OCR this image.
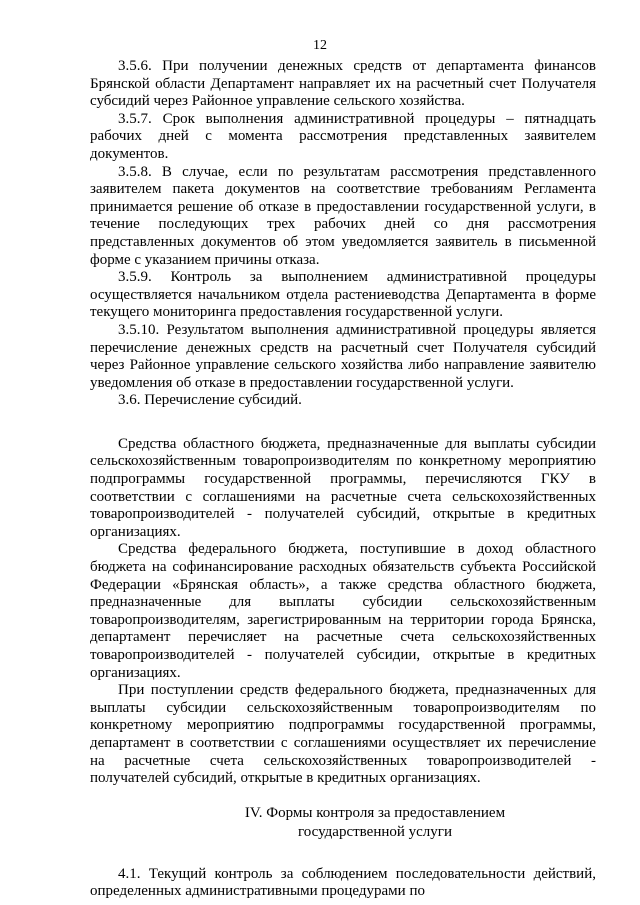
12

3.5.6. При получении денежных средств от департамента финансов Брянской области Департамент направляет их на расчетный счет Получателя субсидий через Районное управление сельского хозяйства.

3.5.7. Срок выполнения административной процедуры – пятнадцать рабочих дней с момента рассмотрения представленных заявителем документов.

3.5.8. В случае, если по результатам рассмотрения представленного заявителем пакета документов на соответствие требованиям Регламента принимается решение об отказе в предоставлении государственной услуги, в течение последующих трех рабочих дней со дня рассмотрения представленных документов об этом уведомляется заявитель в письменной форме с указанием причины отказа.

3.5.9. Контроль за выполнением административной процедуры осуществляется начальником отдела растениеводства Департамента в форме текущего мониторинга предоставления государственной услуги.

3.5.10. Результатом выполнения административной процедуры является перечисление денежных средств на расчетный счет Получателя субсидий через Районное управление сельского хозяйства либо направление заявителю уведомления об отказе в предоставлении государственной услуги.

3.6. Перечисление субсидий.

Средства областного бюджета, предназначенные для выплаты субсидии сельскохозяйственным товаропроизводителям по конкретному мероприятию подпрограммы государственной программы, перечисляются ГКУ в соответствии с соглашениями на расчетные счета сельскохозяйственных товаропроизводителей - получателей субсидий, открытые в кредитных организациях.

Средства федерального бюджета, поступившие в доход областного бюджета на софинансирование расходных обязательств субъекта Российской Федерации «Брянская область», а также средства областного бюджета, предназначенные для выплаты субсидии сельскохозяйственным товаропроизводителям, зарегистрированным на территории города Брянска, департамент перечисляет на расчетные счета сельскохозяйственных товаропроизводителей - получателей субсидии, открытые в кредитных организациях.

При поступлении средств федерального бюджета, предназначенных для выплаты субсидии сельскохозяйственным товаропроизводителям по конкретному мероприятию подпрограммы государственной программы, департамент в соответствии с соглашениями осуществляет их перечисление на расчетные счета сельскохозяйственных товаропроизводителей - получателей субсидий, открытые в кредитных организациях.

IV. Формы контроля за предоставлением
государственной услуги

4.1. Текущий контроль за соблюдением последовательности действий, определенных административными процедурами по
